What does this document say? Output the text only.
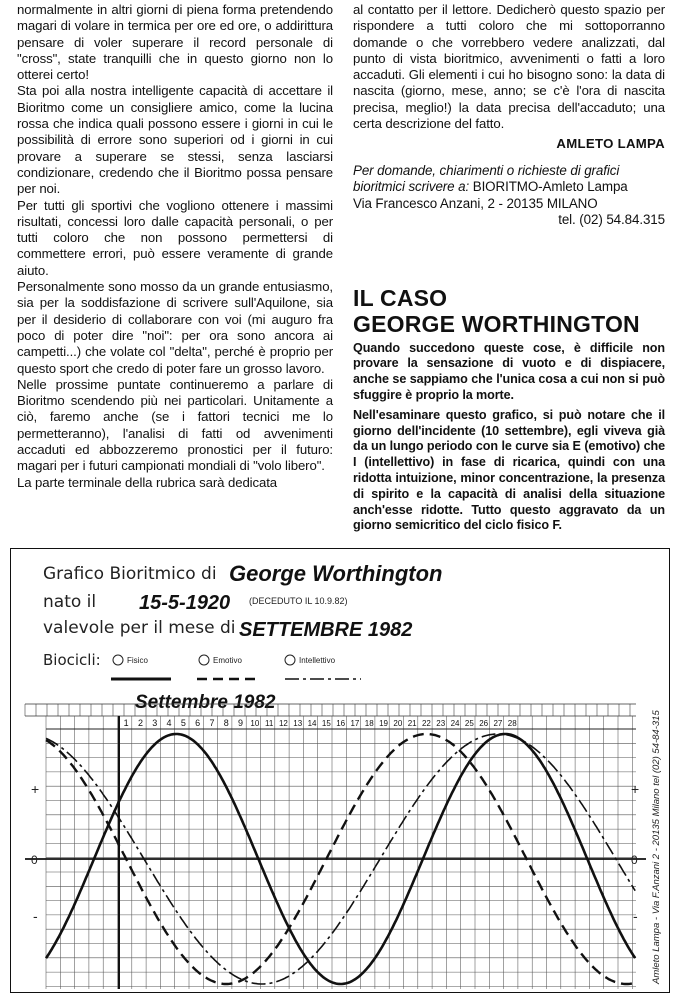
normalmente in altri giorni di piena forma pretendendo magari di volare in termica per ore ed ore, o addirittura pensare di voler superare il record personale di "cross", state tranquilli che in questo giorno non lo otterei certo!

Sta poi alla nostra intelligente capacità di accettare il Bioritmo come un consigliere amico, come la lucina rossa che indica quali possono essere i giorni in cui le possibilità di errore sono superiori od i giorni in cui provare a superare se stessi, senza lasciarsi condizionare, credendo che il Bioritmo possa pensare per noi.

Per tutti gli sportivi che vogliono ottenere i massimi risultati, concessi loro dalle capacità personali, o per tutti coloro che non possono permettersi di commettere errori, può essere veramente di grande aiuto.

Personalmente sono mosso da un grande entusiasmo, sia per la soddisfazione di scrivere sull'Aquilone, sia per il desiderio di collaborare con voi (mi auguro fra poco di poter dire "noi": per ora sono ancora ai campetti...) che volate col "delta", perché è proprio per questo sport che credo di poter fare un grosso lavoro.

Nelle prossime puntate continueremo a parlare di Bioritmo scendendo più nei particolari. Unitamente a ciò, faremo anche (se i fattori tecnici me lo permetteranno), l'analisi di fatti od avvenimenti accaduti ed abbozzeremo pronostici per il futuro: magari per i futuri campionati mondiali di "volo libero".

La parte terminale della rubrica sarà dedicata

al contatto per il lettore. Dedicherò questo spazio per rispondere a tutti coloro che mi sottoporranno domande o che vorrebbero vedere analizzati, dal punto di vista bioritmico, avvenimenti o fatti a loro accaduti. Gli elementi i cui ho bisogno sono: la data di nascita (giorno, mese, anno; se c'è l'ora di nascita precisa, meglio!) la data precisa dell'accaduto; una certa descrizione del fatto.

AMLETO LAMPA

Per domande, chiarimenti o richieste di grafici bioritmici scrivere a: BIORITMO-Amleto Lampa
Via Francesco Anzani, 2 - 20135 MILANO
tel. (02) 54.84.315
IL CASO
GEORGE WORTHINGTON

Quando succedono queste cose, è difficile non provare la sensazione di vuoto e di dispiacere, anche se sappiamo che l'unica cosa a cui non si può sfuggire è proprio la morte.

Nell'esaminare questo grafico, si può notare che il giorno dell'incidente (10 settembre), egli viveva già da un lungo periodo con le curve sia E (emotivo) che I (intellettivo) in fase di ricarica, quindi con una ridotta intuizione, minor concentrazione, la presenza di spirito e la capacità di analisi della situazione anch'esse ridotte. Tutto questo aggravato da un giorno semicritico del ciclo fisico F.

Grafico Bioritmico di George Worthington
nato il 15-5-1920 (DECEDUTO IL 10.9.82)
valevole per il mese di SETTEMBRE 1982
Biocicli:	Fisico	Emotivo	Intellettivo
Settembre 1982
1 2 3 4 5 6 7 8 9 10 11 12 13 14 15 16 17 18 19 20 21 22 23 24 25 26 27 28
+
0
-
+
0
- Amleto Lampa - Via F.Anzani 2 - 20135 Milano tel (02) 54-84-315
